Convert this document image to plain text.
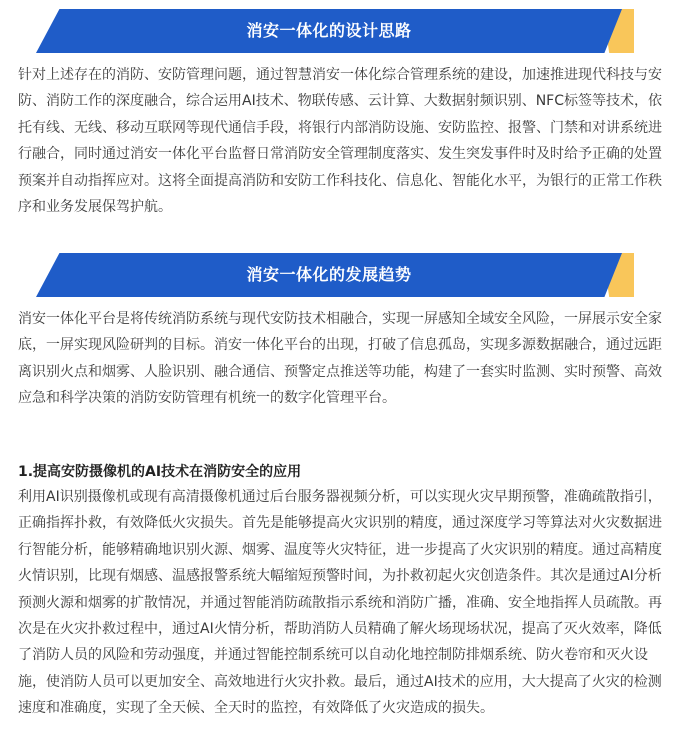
消安一体化的设计思路

针对上述存在的消防、安防管理问题，通过智慧消安一体化综合管理系统的建设，加速推进现代科技与安防、消防工作的深度融合，综合运用AI技术、物联传感、云计算、大数据射频识别、NFC标签等技术，依托有线、无线、移动互联网等现代通信手段，将银行内部消防设施、安防监控、报警、门禁和对讲系统进行融合，同时通过消安一体化平台监督日常消防安全管理制度落实、发生突发事件时及时给予正确的处置预案并自动指挥应对。这将全面提高消防和安防工作科技化、信息化、智能化水平，为银行的正常工作秩序和业务发展保驾护航。

消安一体化的发展趋势

消安一体化平台是将传统消防系统与现代安防技术相融合，实现一屏感知全域安全风险，一屏展示安全家底，一屏实现风险研判的目标。消安一体化平台的出现，打破了信息孤岛，实现多源数据融合，通过远距离识别火点和烟雾、人脸识别、融合通信、预警定点推送等功能，构建了一套实时监测、实时预警、高效应急和科学决策的消防安防管理有机统一的数字化管理平台。

1.提高安防摄像机的AI技术在消防安全的应用

利用AI识别摄像机或现有高清摄像机通过后台服务器视频分析，可以实现火灾早期预警，准确疏散指引，正确指挥扑救，有效降低火灾损失。首先是能够提高火灾识别的精度，通过深度学习等算法对火灾数据进行智能分析，能够精确地识别火源、烟雾、温度等火灾特征，进一步提高了火灾识别的精度。通过高精度火情识别，比现有烟感、温感报警系统大幅缩短预警时间，为扑救初起火灾创造条件。其次是通过AI分析预测火源和烟雾的扩散情况，并通过智能消防疏散指示系统和消防广播，准确、安全地指挥人员疏散。再次是在火灾扑救过程中，通过AI火情分析，帮助消防人员精确了解火场现场状况，提高了灭火效率，降低了消防人员的风险和劳动强度，并通过智能控制系统可以自动化地控制防排烟系统、防火卷帘和灭火设施，使消防人员可以更加安全、高效地进行火灾扑救。最后，通过AI技术的应用，大大提高了火灾的检测速度和准确度，实现了全天候、全天时的监控，有效降低了火灾造成的损失。
